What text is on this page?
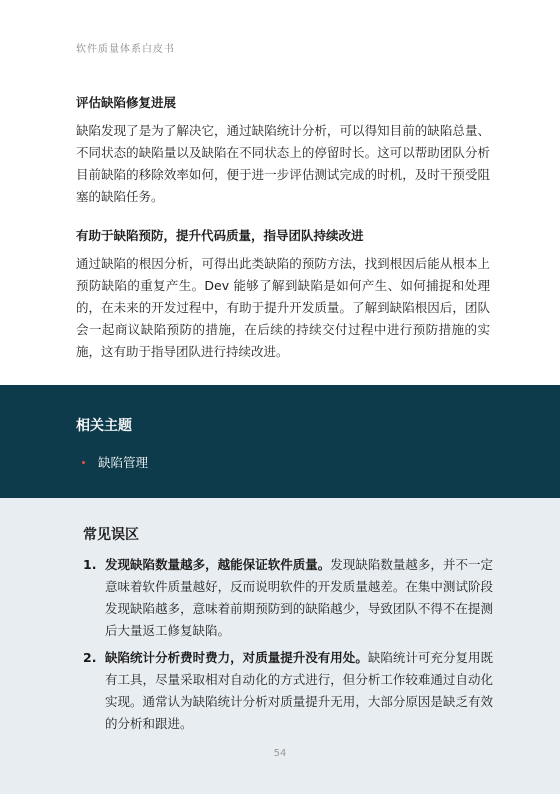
软件质量体系白皮书

评估缺陷修复进展

缺陷发现了是为了解决它，通过缺陷统计分析，可以得知目前的缺陷总量、不同状态的缺陷量以及缺陷在不同状态上的停留时长。这可以帮助团队分析目前缺陷的移除效率如何，便于进一步评估测试完成的时机，及时干预受阻塞的缺陷任务。

有助于缺陷预防，提升代码质量，指导团队持续改进

通过缺陷的根因分析，可得出此类缺陷的预防方法，找到根因后能从根本上预防缺陷的重复产生。Dev 能够了解到缺陷是如何产生、如何捕捉和处理的，在未来的开发过程中，有助于提升开发质量。了解到缺陷根因后，团队会一起商议缺陷预防的措施，在后续的持续交付过程中进行预防措施的实施，这有助于指导团队进行持续改进。

相关主题
缺陷管理
常见误区
1. 发现缺陷数量越多，越能保证软件质量。发现缺陷数量越多，并不一定意味着软件质量越好，反而说明软件的开发质量越差。在集中测试阶段发现缺陷越多，意味着前期预防到的缺陷越少，导致团队不得不在提测后大量返工修复缺陷。

2. 缺陷统计分析费时费力，对质量提升没有用处。缺陷统计可充分复用既有工具，尽量采取相对自动化的方式进行，但分析工作较难通过自动化实现。通常认为缺陷统计分析对质量提升无用，大部分原因是缺乏有效的分析和跟进。

54
